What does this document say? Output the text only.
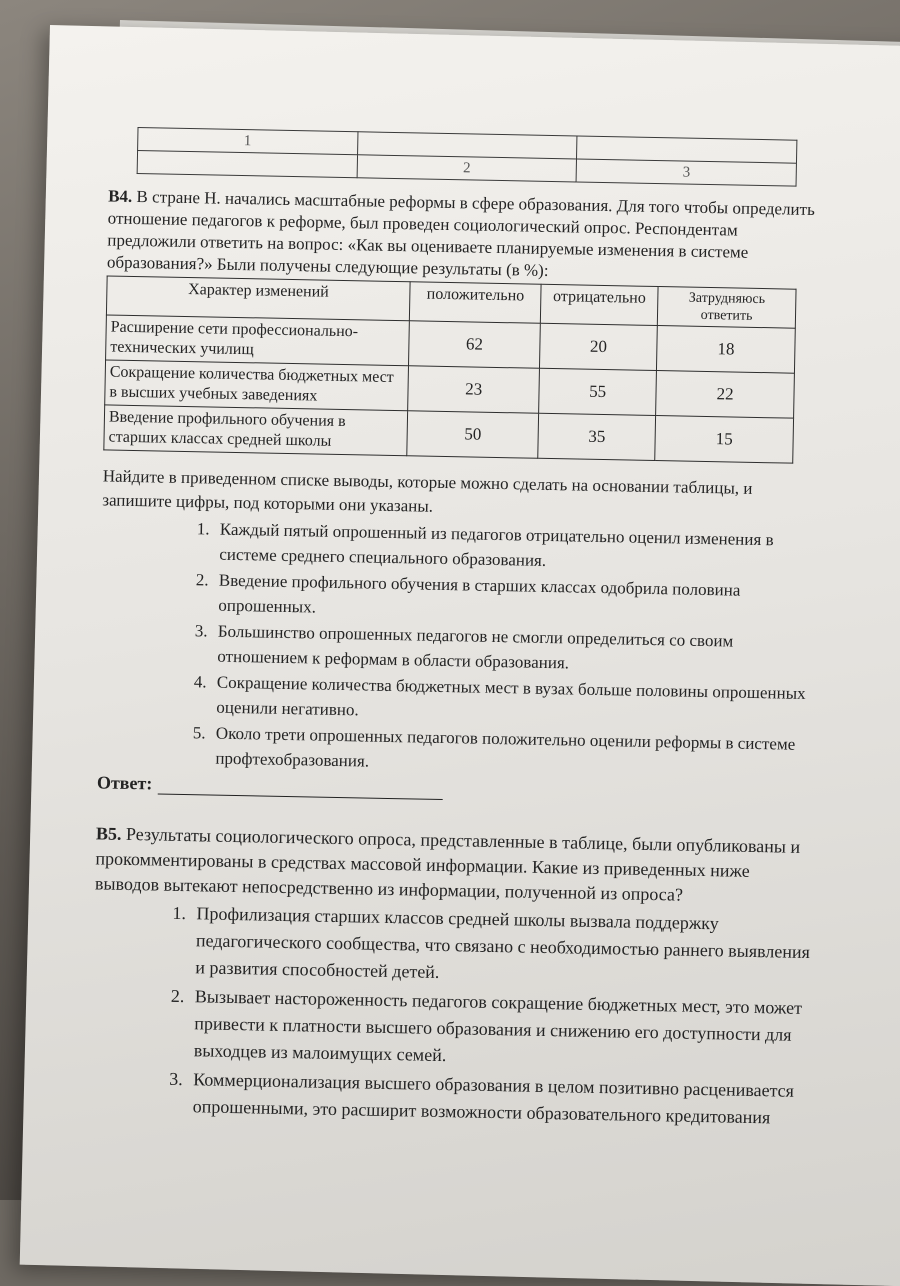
1		
	2	3
В4. В стране Н. начались масштабные реформы в сфере образования. Для того чтобы определить отношение педагогов к реформе, был проведен социологический опрос. Респондентам предложили ответить на вопрос: «Как вы оцениваете планируемые изменения в системе образования?» Были получены следующие результаты (в %):
Характер изменений	положительно	отрицательно	Затрудняюсь ответить
Расширение сети профессионально-технических училищ	62	20	18
Сокращение количества бюджетных мест в высших учебных заведениях	23	55	22
Введение профильного обучения в старших классах средней школы	50	35	15
Найдите в приведенном списке выводы, которые можно сделать на основании таблицы, и запишите цифры, под которыми они указаны.
1. Каждый пятый опрошенный из педагогов отрицательно оценил изменения в системе среднего специального образования.
2. Введение профильного обучения в старших классах одобрила половина опрошенных.
3. Большинство опрошенных педагогов не смогли определиться со своим отношением к реформам в области образования.
4. Сокращение количества бюджетных мест в вузах больше половины опрошенных оценили негативно.
5. Около трети опрошенных педагогов положительно оценили реформы в системе профтехобразования.
Ответ:
В5. Результаты социологического опроса, представленные в таблице, были опубликованы и прокомментированы в средствах массовой информации. Какие из приведенных ниже выводов вытекают непосредственно из информации, полученной из опроса?
1. Профилизация старших классов средней школы вызвала поддержку педагогического сообщества, что связано с необходимостью раннего выявления и развития способностей детей.
2. Вызывает настороженность педагогов сокращение бюджетных мест, это может привести к платности высшего образования и снижению его доступности для выходцев из малоимущих семей.
3. Коммерционализация высшего образования в целом позитивно расценивается опрошенными, это расширит возможности образовательного кредитования
